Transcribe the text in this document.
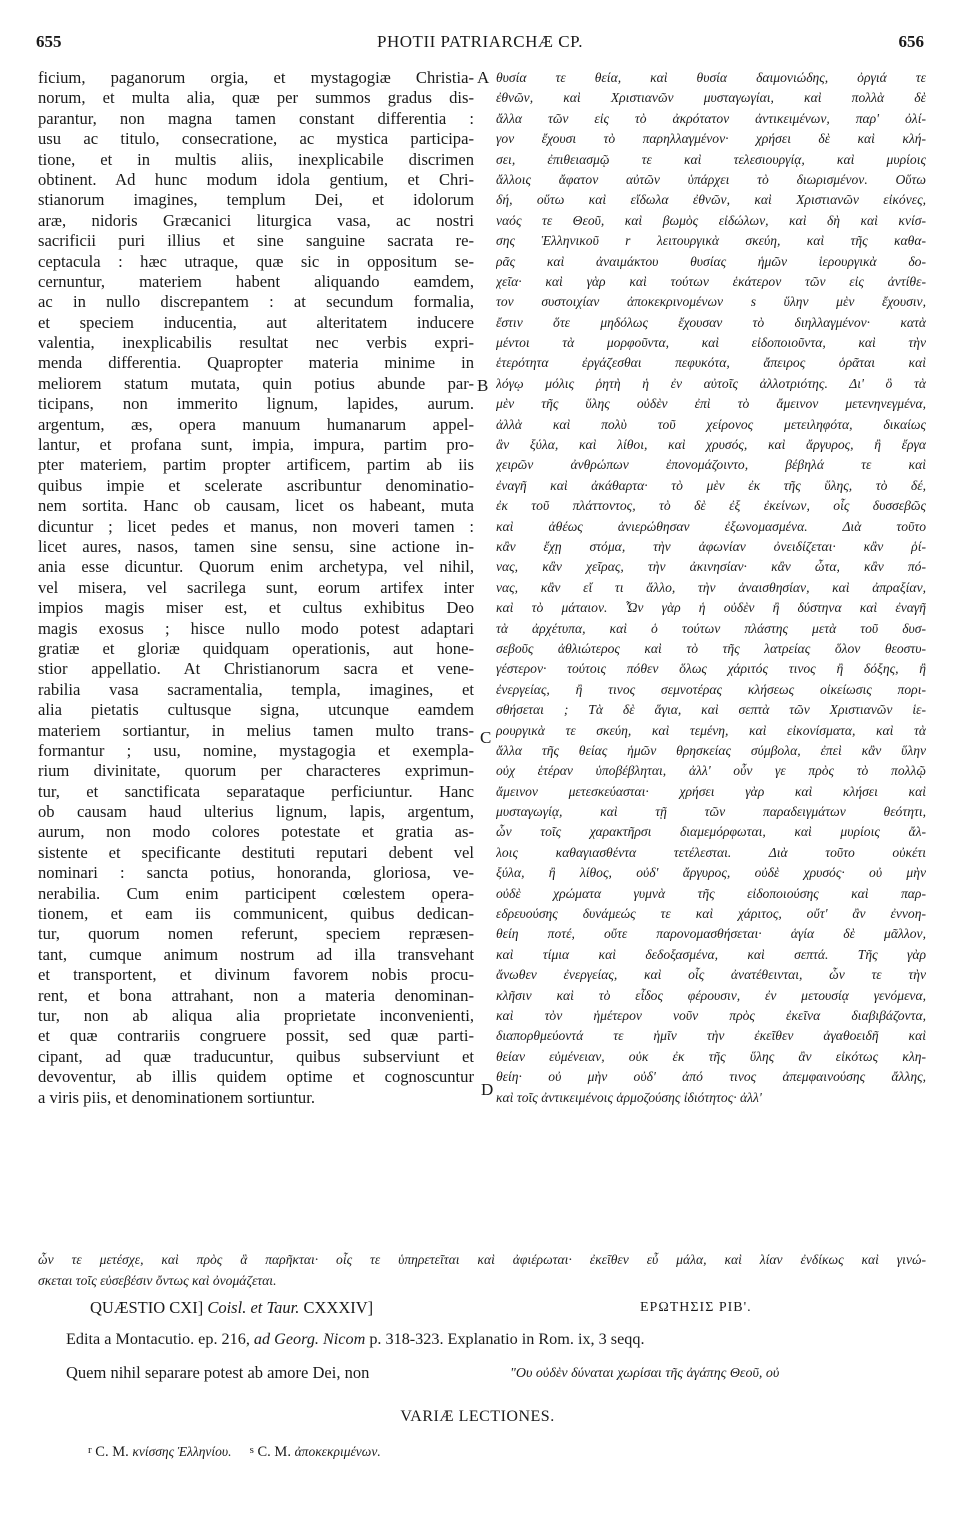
655	PHOTII PATRIARCHÆ CP.	656
ficium, paganorum orgia, et mystagogiæ Christia-
norum, et multa alia, quæ per summos gradus dis-
parantur, non magna tamen constant differentia :
usu ac titulo, consecratione, ac mystica participa-
tione, et in multis aliis, inexplicabile discrimen
obtinent. Ad hunc modum idola gentium, et Chri-
stianorum imagines, templum Dei, et idolorum
aræ, nidoris Græcanici liturgica vasa, ac nostri
sacrificii puri illius et sine sanguine sacrata re-
ceptacula : hæc utraque, quæ sic in oppositum se-
cernuntur, materiem habent aliquando eamdem,
ac in nullo discrepantem : at secundum formalia,
et speciem inducentia, aut alteritatem inducere
valentia, inexplicabilis resultat nec verbis expri-
menda differentia. Quapropter materia minime in
meliorem statum mutata, quin potius abunde par-
ticipans, non immerito lignum, lapides, aurum.
argentum, æs, opera manuum humanarum appel-
lantur, et profana sunt, impia, impura, partim pro-
pter materiem, partim propter artificem, partim ab iis
quibus impie et scelerate ascribuntur denominatio-
nem sortita. Hanc ob causam, licet os habeant, muta
dicuntur ; licet pedes et manus, non moveri tamen :
licet aures, nasos, tamen sine sensu, sine actione in-
ania esse dicuntur. Quorum enim archetypa, vel nihil,
vel misera, vel sacrilega sunt, eorum artifex inter
impios magis miser est, et cultus exhibitus Deo
magis exosus ; hisce nullo modo potest adaptari
gratiæ et gloriæ quidquam operationis, aut hone-
stior appellatio. At Christianorum sacra et vene-
rabilia vasa sacramentalia, templa, imagines, et
alia pietatis cultusque signa, utcunque eamdem
materiem sortiantur, in melius tamen multo trans-
formantur ; usu, nomine, mystagogia et exempla-
rium divinitate, quorum per characteres exprimun-
tur, et sanctificata separataque perficiuntur. Hanc
ob causam haud ulterius lignum, lapis, argentum,
aurum, non modo colores potestate et gratia as-
sistente et specificante destituti reputari debent vel
nominari : sancta potius, honoranda, gloriosa, ve-
nerabilia. Cum enim participent cœlestem opera-
tionem, et eam iis communicent, quibus dedican-
tur, quorum nomen referunt, speciem repræsen-
tant, cumque animum nostrum ad illa transvehant
et transportent, et divinum favorem nobis procu-
rent, et bona attrahant, non a materia denominan-
tur, non ab aliqua alia proprietate inconvenienti,
et quæ contrariis congruere possit, sed quæ parti-
cipant, ad quæ traducuntur, quibus subserviunt et
devoventur, ab illis quidem optime et cognoscuntur
a viris piis, et denominationem sortiuntur.
θυσία τε θεία, καὶ θυσία δαιμονιώδης, ὀργιά τε
ἐθνῶν, καὶ Χριστιανῶν μυσταγωγίαι, καὶ πολλὰ δὲ
ἄλλα τῶν εἰς τὸ ἀκρότατον ἀντικειμένων, παρ' ὀλί-
γον ἔχουσι τὸ παρηλλαγμένον· χρήσει δὲ καὶ κλή-
σει, ἐπιθειασμῷ τε καὶ τελεσιουργίᾳ, καὶ μυρίοις
ἄλλοις ἄφατον αὐτῶν ὑπάρχει τὸ διωρισμένον. Οὕτω
δή, οὕτω καὶ εἴδωλα ἐθνῶν, καὶ Χριστιανῶν εἰκόνες,
ναός τε Θεοῦ, καὶ βωμὸς εἰδώλων, καὶ δὴ καὶ κνίσ-
σης Ἑλληνικοῦ r λειτουργικὰ σκεύη, καὶ τῆς καθα-
ρᾶς καὶ ἀναιμάκτου θυσίας ἡμῶν ἱερουργικὰ δο-
χεῖα· καὶ γὰρ καὶ τούτων ἑκάτερον τῶν εἰς ἀντίθε-
τον συστοιχίαν ἀποκεκρινομένων s ὕλην μὲν ἔχουσιν,
ἔστιν ὅτε μηδόλως ἔχουσαν τὸ διηλλαγμένον· κατὰ
μέντοι τὰ μορφοῦντα, καὶ εἰδοποιοῦντα, καὶ τὴν
ἑτερότητα ἐργάζεσθαι πεφυκότα, ἄπειρος ὁρᾶται καὶ
λόγῳ μόλις ῥητὴ ἡ ἐν αὐτοῖς ἀλλοτριότης. Δι' ὃ τὰ
μὲν τῆς ὕλης οὐδὲν ἐπὶ τὸ ἄμεινον μετενηνεγμένα,
ἀλλὰ καὶ πολὺ τοῦ χείρονος μετειληφότα, δικαίως
ἂν ξύλα, καὶ λίθοι, καὶ χρυσός, καὶ ἄργυρος, ἢ ἔργα
χειρῶν ἀνθρώπων ἐπονομάζοιντο, βέβηλά τε καὶ
ἐναγῆ καὶ ἀκάθαρτα· τὸ μὲν ἐκ τῆς ὕλης, τὸ δέ,
ἐκ τοῦ πλάττοντος, τὸ δὲ ἐξ ἐκείνων, οἷς δυσσεβῶς
καὶ ἀθέως ἀνιερώθησαν ἐξωνομασμένα. Διὰ τοῦτο
κἂν ἔχῃ στόμα, τὴν ἀφωνίαν ὀνειδίζεται· κἂν ῥί-
νας, κἂν χεῖρας, τὴν ἀκινησίαν· κἂν ὦτα, κἂν πό-
νας, κἂν εἴ τι ἄλλο, τὴν ἀναισθησίαν, καὶ ἀπραξίαν,
καὶ τὸ μάταιον. Ὧν γὰρ ἡ οὐδὲν ἢ δύστηνα καὶ ἐναγῆ
τὰ ἀρχέτυπα, καὶ ὁ τούτων πλάστης μετὰ τοῦ δυσ-
σεβοῦς ἀθλιώτερος καὶ τὸ τῆς λατρείας ὅλον θεοστυ-
γέστερον· τούτοις πόθεν ὅλως χάριτός τινος ἢ δόξης, ἢ
ἐνεργείας, ἢ τινος σεμνοτέρας κλήσεως οἰκείωσις πορι-
σθήσεται ; Τὰ δὲ ἅγια, καὶ σεπτὰ τῶν Χριστιανῶν ἱε-
ρουργικὰ τε σκεύη, καὶ τεμένη, καὶ εἰκονίσματα, καὶ τὰ
ἄλλα τῆς θείας ἡμῶν θρησκείας σύμβολα, ἐπεὶ κἂν ὕλην
οὐχ ἑτέραν ὑποβέβληται, ἀλλ' οὖν γε πρὸς τὸ πολλῷ
ἄμεινον μετεσκεύασται· χρήσει γὰρ καὶ κλήσει καὶ
μυσταγωγίᾳ, καὶ τῇ τῶν παραδειγμάτων θεότητι,
ὧν τοῖς χαρακτῆρσι διαμεμόρφωται, καὶ μυρίοις ἄλ-
λοις καθαγιασθέντα τετέλεσται. Διὰ τοῦτο οὐκέτι
ξύλα, ἢ λίθος, οὐδ' ἄργυρος, οὐδὲ χρυσός· οὐ μὴν
οὐδὲ χρώματα γυμνὰ τῆς εἰδοποιούσης καὶ παρ-
εδρευούσης δυνάμεώς τε καὶ χάριτος, οὔτ' ἂν ἐννοη-
θείη ποτέ, οὔτε παρονομασθήσεται· ἁγία δὲ μᾶλλον,
καὶ τίμια καὶ δεδοξασμένα, καὶ σεπτά. Τῆς γὰρ
ἄνωθεν ἐνεργείας, καὶ οἷς ἀνατέθεινται, ὧν τε τὴν
κλῆσιν καὶ τὸ εἶδος φέρουσιν, ἐν μετουσίᾳ γενόμενα,
καὶ τὸν ἡμέτερον νοῦν πρὸς ἐκεῖνα διαβιβάζοντα,
διαπορθμεύοντά τε ἡμῖν τὴν ἐκεῖθεν ἀγαθοειδῆ καὶ
θείαν εὐμένειαν, οὐκ ἐκ τῆς ὕλης ἂν εἰκότως κλη-
θείη· οὐ μὴν οὐδ' ἀπό τινος ἀπεμφαινούσης ἄλλης,
καὶ τοῖς ἀντικειμένοις ἁρμοζούσης ἰδιότητος· ἀλλ'
A
B
C
D
ὧν τε μετέσχε, καὶ πρὸς ἃ παρῆκται· οἷς τε ὑπηρετεῖται καὶ ἀφιέρωται· ἐκεῖθεν εὖ μάλα, καὶ λίαν ἐνδίκως καὶ γινώ-
σκεται τοῖς εὐσεβέσιν ὄντως καὶ ὀνομάζεται.
QUÆSTIO CXI] Coisl. et Taur. CXXXIV]	ΕΡΩΤΗΣΙΣ ΡΙΒ'.
Edita a Montacutio. ep. 216, ad Georg. Nicom p. 318-323. Explanatio in Rom. ix, 3 seqq.
Quem nihil separare potest ab amore Dei, non	"Ου οὐδὲν δύναται χωρίσαι τῆς ἀγάπης Θεοῦ, οὐ
VARIÆ LECTIONES.
$^r$ C. M. κνίσσης Ἑλληνίου. $^s$ C. M. ἀποκεκριμένων.
